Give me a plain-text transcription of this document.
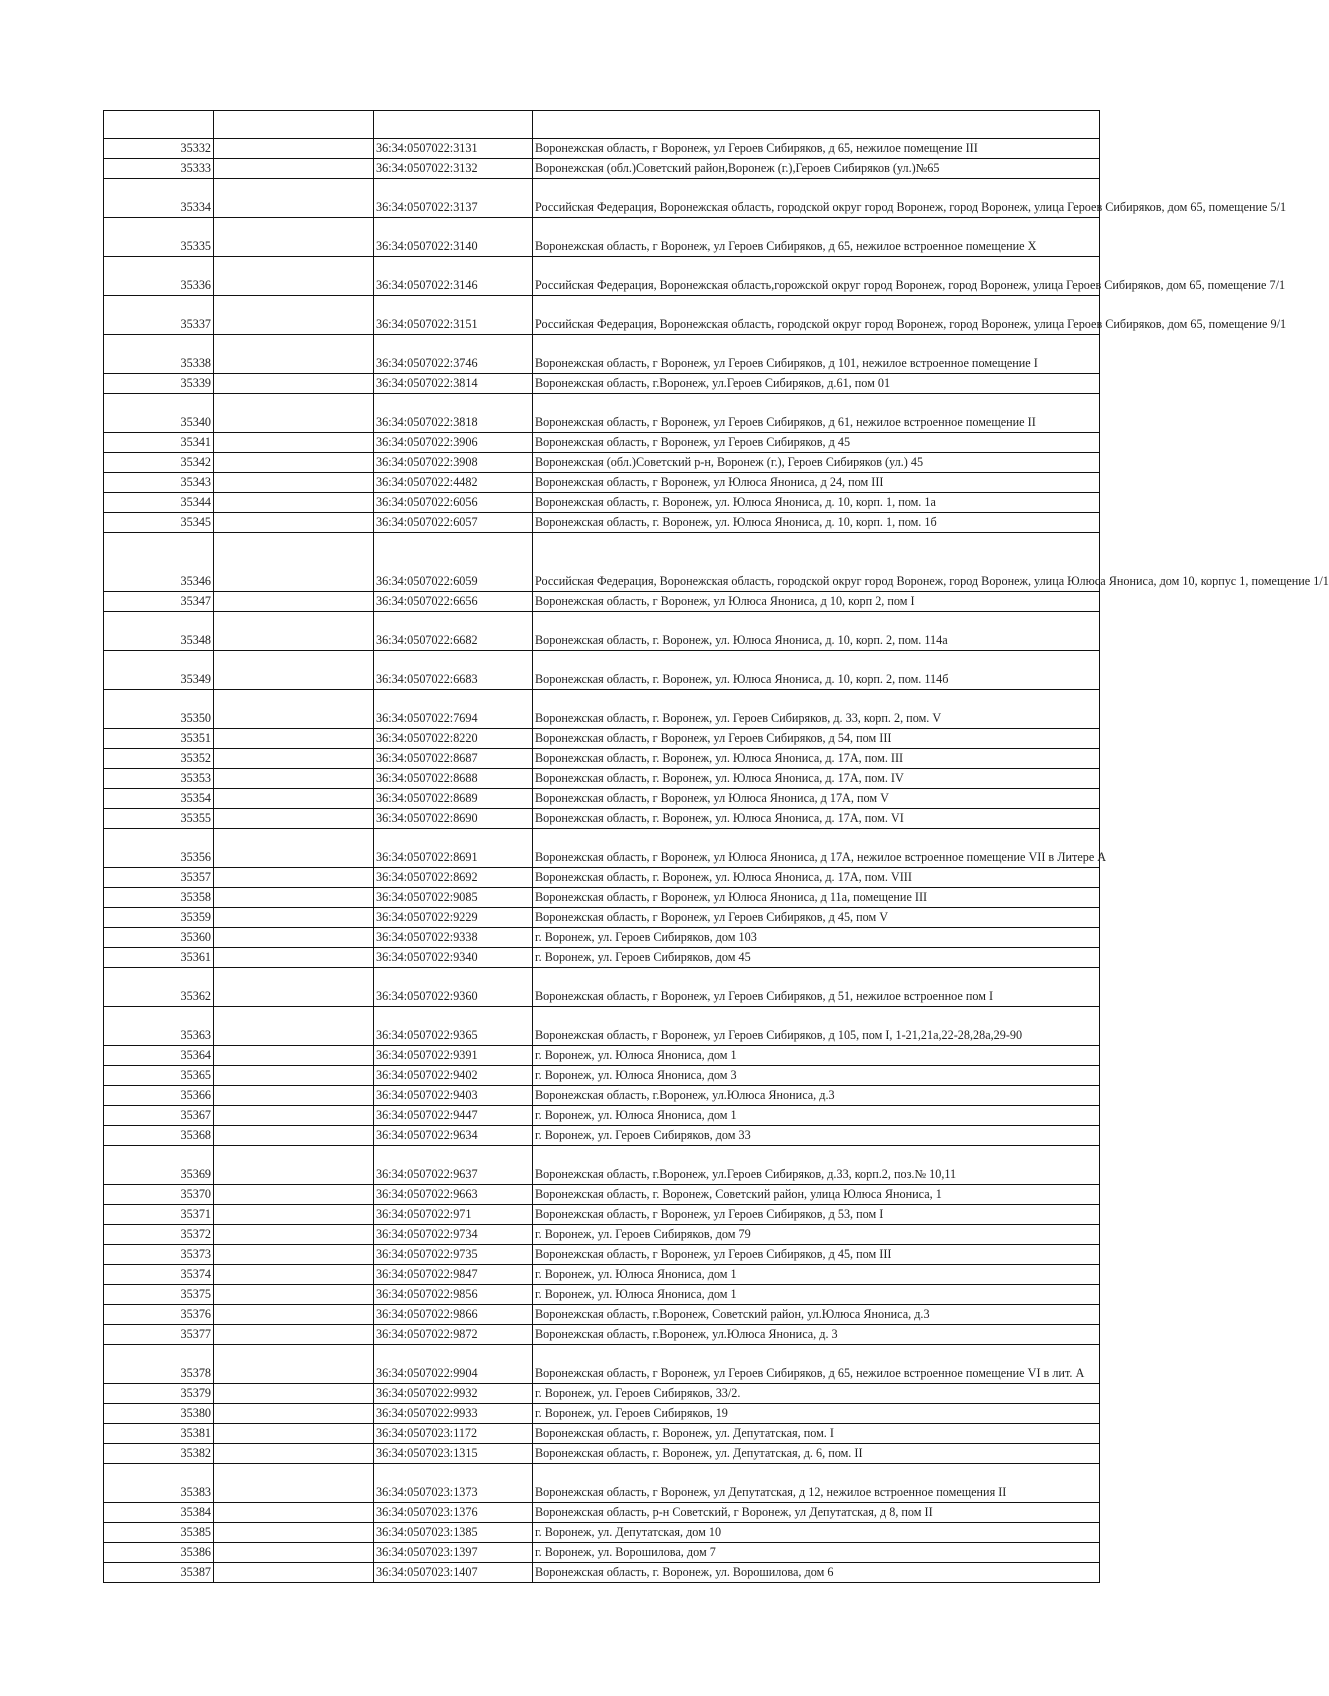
35332		36:34:0507022:3131	Воронежская область, г Воронеж, ул Героев Сибиряков, д 65, нежилое помещение III
35333		36:34:0507022:3132	Воронежская (обл.)Советский район,Воронеж (г.),Героев Сибиряков (ул.)№65
35334		36:34:0507022:3137	Российская Федерация, Воронежская область, городской округ город Воронеж, город Воронеж, улица Героев Сибиряков, дом 65, помещение 5/1
35335		36:34:0507022:3140	Воронежская область, г Воронеж, ул Героев Сибиряков, д 65, нежилое встроенное помещение X
35336		36:34:0507022:3146	Российская Федерация, Воронежская область,горожской округ город Воронеж, город Воронеж, улица Героев Сибиряков, дом 65, помещение 7/1
35337		36:34:0507022:3151	Российская Федерация, Воронежская область, городской округ город Воронеж, город Воронеж, улица Героев Сибиряков, дом 65, помещение 9/1
35338		36:34:0507022:3746	Воронежская область, г Воронеж, ул Героев Сибиряков, д 101, нежилое встроенное помещение I
35339		36:34:0507022:3814	Воронежская область, г.Воронеж, ул.Героев Сибиряков, д.61, пом 01
35340		36:34:0507022:3818	Воронежская область, г Воронеж, ул Героев Сибиряков, д 61, нежилое встроенное помещение II
35341		36:34:0507022:3906	Воронежская область, г Воронеж, ул Героев Сибиряков, д 45
35342		36:34:0507022:3908	Воронежская (обл.)Советский р-н, Воронеж (г.), Героев Сибиряков (ул.) 45
35343		36:34:0507022:4482	Воронежская область, г Воронеж, ул Юлюса Янониса, д 24, пом III
35344		36:34:0507022:6056	Воронежская область, г. Воронеж, ул. Юлюса Янониса, д. 10, корп. 1, пом. 1а
35345		36:34:0507022:6057	Воронежская область, г. Воронеж, ул. Юлюса Янониса, д. 10, корп. 1, пом. 1б
35346		36:34:0507022:6059	Российская Федерация, Воронежская область, городской округ город Воронеж, город Воронеж, улица Юлюса Янониса, дом 10, корпус 1, помещение 1/1
35347		36:34:0507022:6656	Воронежская область, г Воронеж, ул Юлюса Янониса, д 10, корп 2, пом I
35348		36:34:0507022:6682	Воронежская область, г. Воронеж, ул. Юлюса Янониса, д. 10, корп. 2, пом. 114а
35349		36:34:0507022:6683	Воронежская область, г. Воронеж, ул. Юлюса Янониса, д. 10, корп. 2, пом. 114б
35350		36:34:0507022:7694	Воронежская область, г. Воронеж, ул. Героев Сибиряков, д. 33, корп. 2, пом. V
35351		36:34:0507022:8220	Воронежская область, г Воронеж, ул Героев Сибиряков, д 54, пом III
35352		36:34:0507022:8687	Воронежская область, г. Воронеж, ул. Юлюса Янониса, д. 17А, пом. III
35353		36:34:0507022:8688	Воронежская область, г. Воронеж, ул. Юлюса Янониса, д. 17А, пом. IV
35354		36:34:0507022:8689	Воронежская область, г Воронеж, ул Юлюса Янониса, д 17А, пом V
35355		36:34:0507022:8690	Воронежская область, г. Воронеж, ул. Юлюса Янониса, д. 17А, пом. VI
35356		36:34:0507022:8691	Воронежская область, г Воронеж, ул Юлюса Янониса, д 17А, нежилое встроенное помещение VII в Литере А
35357		36:34:0507022:8692	Воронежская область, г. Воронеж, ул. Юлюса Янониса, д. 17А, пом. VIII
35358		36:34:0507022:9085	Воронежская область, г Воронеж, ул Юлюса Янониса, д 11а, помещение III
35359		36:34:0507022:9229	Воронежская область, г Воронеж, ул Героев Сибиряков, д 45, пом V
35360		36:34:0507022:9338	г. Воронеж, ул. Героев Сибиряков, дом 103
35361		36:34:0507022:9340	г. Воронеж, ул. Героев Сибиряков, дом 45
35362		36:34:0507022:9360	Воронежская область, г Воронеж, ул Героев Сибиряков, д 51, нежилое встроенное пом I
35363		36:34:0507022:9365	Воронежская область, г Воронеж, ул Героев Сибиряков, д 105, пом I, 1-21,21а,22-28,28а,29-90
35364		36:34:0507022:9391	г. Воронеж, ул. Юлюса Янониса, дом 1
35365		36:34:0507022:9402	г. Воронеж, ул. Юлюса Янониса, дом 3
35366		36:34:0507022:9403	Воронежская область, г.Воронеж, ул.Юлюса Янониса, д.3
35367		36:34:0507022:9447	г. Воронеж, ул. Юлюса Янониса, дом 1
35368		36:34:0507022:9634	г. Воронеж, ул. Героев Сибиряков, дом 33
35369		36:34:0507022:9637	Воронежская область, г.Воронеж, ул.Героев Сибиряков, д.33, корп.2, поз.№ 10,11
35370		36:34:0507022:9663	Воронежская область, г. Воронеж, Советский район, улица Юлюса Янониса, 1
35371		36:34:0507022:971	Воронежская область, г Воронеж, ул Героев Сибиряков, д 53, пом I
35372		36:34:0507022:9734	г. Воронеж, ул. Героев Сибиряков, дом 79
35373		36:34:0507022:9735	Воронежская область, г Воронеж, ул Героев Сибиряков, д 45, пом III
35374		36:34:0507022:9847	г. Воронеж, ул. Юлюса Янониса, дом 1
35375		36:34:0507022:9856	г. Воронеж, ул. Юлюса Янониса, дом 1
35376		36:34:0507022:9866	Воронежская область, г.Воронеж, Советский район, ул.Юлюса Янониса, д.3
35377		36:34:0507022:9872	Воронежская область, г.Воронеж, ул.Юлюса Янониса, д. 3
35378		36:34:0507022:9904	Воронежская область, г Воронеж, ул Героев Сибиряков, д 65, нежилое встроенное помещение VI в лит. А
35379		36:34:0507022:9932	г. Воронеж, ул. Героев Сибиряков, 33/2.
35380		36:34:0507022:9933	г. Воронеж, ул. Героев Сибиряков, 19
35381		36:34:0507023:1172	Воронежская область, г. Воронеж, ул. Депутатская, пом. I
35382		36:34:0507023:1315	Воронежская область, г. Воронеж, ул. Депутатская, д. 6, пом. II
35383		36:34:0507023:1373	Воронежская область, г Воронеж, ул Депутатская, д 12, нежилое встроенное помещения II
35384		36:34:0507023:1376	Воронежская область, р-н Советский, г Воронеж, ул Депутатская, д 8, пом II
35385		36:34:0507023:1385	г. Воронеж, ул. Депутатская, дом 10
35386		36:34:0507023:1397	г. Воронеж, ул. Ворошилова, дом 7
35387		36:34:0507023:1407	Воронежская область, г. Воронеж, ул. Ворошилова, дом 6
